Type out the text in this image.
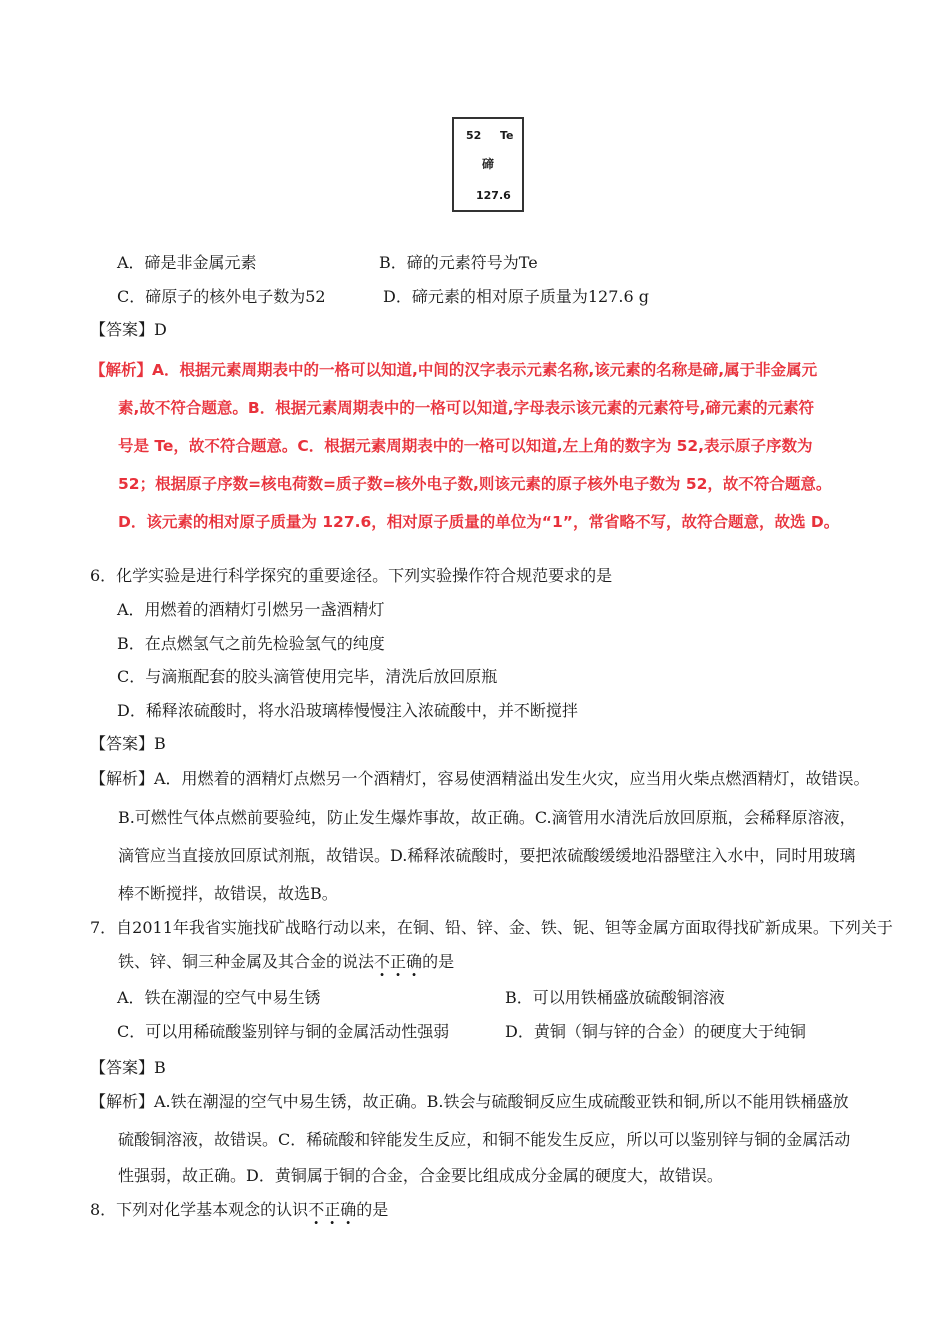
52 Te
碲
127.6
A．碲是非金属元素	B．碲的元素符号为Te
C．碲原子的核外电子数为52	D．碲元素的相对原子质量为127.6 g
【答案】D
【解析】A．根据元素周期表中的一格可以知道,中间的汉字表示元素名称,该元素的名称是碲,属于非金属元
素,故不符合题意。B．根据元素周期表中的一格可以知道,字母表示该元素的元素符号,碲元素的元素符
号是 Te，故不符合题意。C．根据元素周期表中的一格可以知道,左上角的数字为 52,表示原子序数为
52；根据原子序数=核电荷数=质子数=核外电子数,则该元素的原子核外电子数为 52，故不符合题意。
D．该元素的相对原子质量为 127.6，相对原子质量的单位为“1”，常省略不写，故符合题意，故选 D。
6．化学实验是进行科学探究的重要途径。下列实验操作符合规范要求的是
A．用燃着的酒精灯引燃另一盏酒精灯
B．在点燃氢气之前先检验氢气的纯度
C．与滴瓶配套的胶头滴管使用完毕，清洗后放回原瓶
D．稀释浓硫酸时，将水沿玻璃棒慢慢注入浓硫酸中，并不断搅拌
【答案】B
【解析】A．用燃着的酒精灯点燃另一个酒精灯，容易使酒精溢出发生火灾，应当用火柴点燃酒精灯，故错误。
B.可燃性气体点燃前要验纯，防止发生爆炸事故，故正确。C.滴管用水清洗后放回原瓶，会稀释原溶液，
滴管应当直接放回原试剂瓶，故错误。D.稀释浓硫酸时，要把浓硫酸缓缓地沿器壁注入水中，同时用玻璃
棒不断搅拌，故错误，故选B。
7．自2011年我省实施找矿战略行动以来，在铜、铅、锌、金、铁、铌、钽等金属方面取得找矿新成果。下列关于
铁、锌、铜三种金属及其合金的说法不正确的是
A．铁在潮湿的空气中易生锈	B．可以用铁桶盛放硫酸铜溶液
C．可以用稀硫酸鉴别锌与铜的金属活动性强弱	D．黄铜（铜与锌的合金）的硬度大于纯铜
【答案】B
【解析】A.铁在潮湿的空气中易生锈，故正确。B.铁会与硫酸铜反应生成硫酸亚铁和铜,所以不能用铁桶盛放
硫酸铜溶液，故错误。C．稀硫酸和锌能发生反应，和铜不能发生反应，所以可以鉴别锌与铜的金属活动
性强弱，故正确。D．黄铜属于铜的合金，合金要比组成成分金属的硬度大，故错误。
8．下列对化学基本观念的认识不正确的是
